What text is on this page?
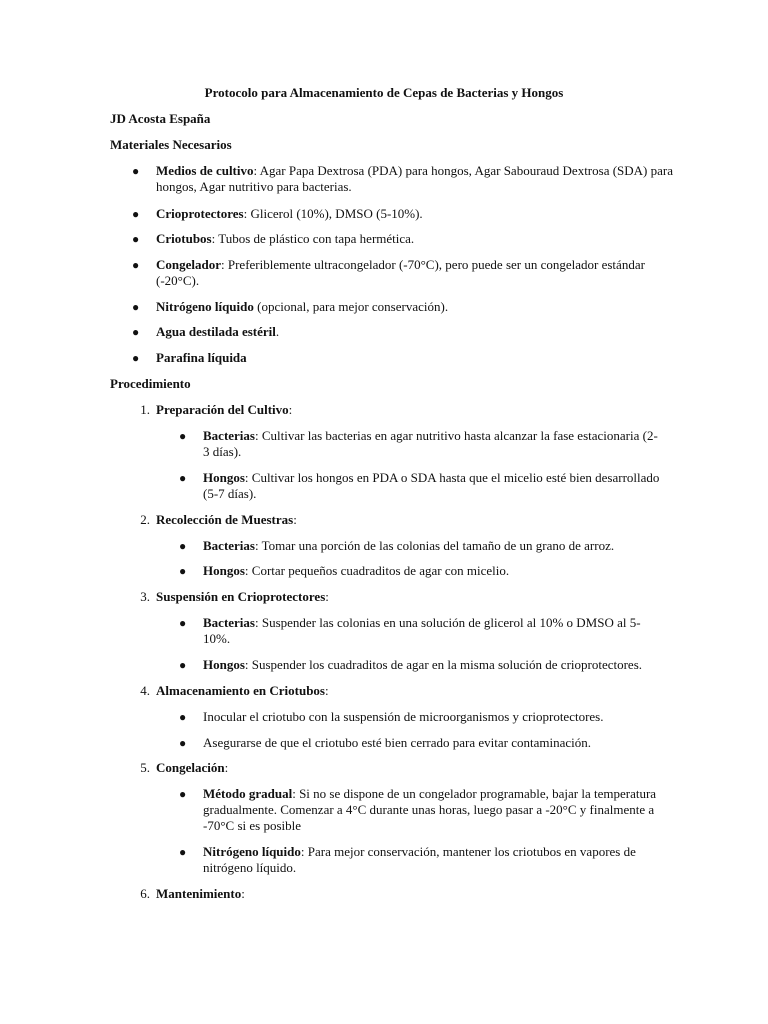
Protocolo para Almacenamiento de Cepas de Bacterias y Hongos
JD Acosta España
Materiales Necesarios
● Medios de cultivo: Agar Papa Dextrosa (PDA) para hongos, Agar Sabouraud Dextrosa (SDA) para hongos, Agar nutritivo para bacterias.
● Crioprotectores: Glicerol (10%), DMSO (5-10%).
● Criotubos: Tubos de plástico con tapa hermética.
● Congelador: Preferiblemente ultracongelador (-70°C), pero puede ser un congelador estándar (-20°C).
● Nitrógeno líquido (opcional, para mejor conservación).
● Agua destilada estéril.
● Parafina líquida
Procedimiento
1. Preparación del Cultivo:
● Bacterias: Cultivar las bacterias en agar nutritivo hasta alcanzar la fase estacionaria (2-3 días).
● Hongos: Cultivar los hongos en PDA o SDA hasta que el micelio esté bien desarrollado (5-7 días).
2. Recolección de Muestras:
● Bacterias: Tomar una porción de las colonias del tamaño de un grano de arroz.
● Hongos: Cortar pequeños cuadraditos de agar con micelio.
3. Suspensión en Crioprotectores:
● Bacterias: Suspender las colonias en una solución de glicerol al 10% o DMSO al 5-10%.
● Hongos: Suspender los cuadraditos de agar en la misma solución de crioprotectores.
4. Almacenamiento en Criotubos:
● Inocular el criotubo con la suspensión de microorganismos y crioprotectores.
● Asegurarse de que el criotubo esté bien cerrado para evitar contaminación.
5. Congelación:
● Método gradual: Si no se dispone de un congelador programable, bajar la temperatura gradualmente. Comenzar a 4°C durante unas horas, luego pasar a -20°C y finalmente a -70°C si es posible
● Nitrógeno líquido: Para mejor conservación, mantener los criotubos en vapores de nitrógeno líquido.
6. Mantenimiento:
